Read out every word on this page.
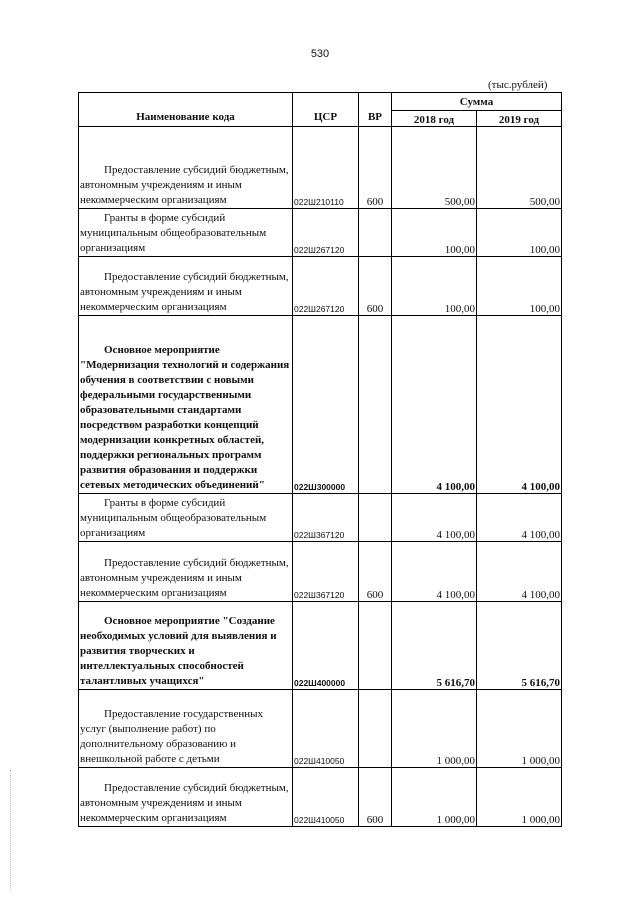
530
(тыс.рублей)
Наименование кода	ЦСР	ВР	Сумма	
			2018 год	2019 год
Предоставление субсидий бюджетным, автономным учреждениям и иным некоммерческим организациям	022Ш210110	600	500,00	500,00
Гранты в форме субсидий муниципальным общеобразовательным организациям	022Ш267120		100,00	100,00
Предоставление субсидий бюджетным, автономным учреждениям и иным некоммерческим организациям	022Ш267120	600	100,00	100,00
Основное мероприятие "Модернизация технологий и содержания обучения в соответствии с новыми федеральными государственными образовательными стандартами посредством разработки концепций модернизации конкретных областей, поддержки региональных программ развития образования и поддержки сетевых методических объединений"	022Ш300000		4 100,00	4 100,00
Гранты в форме субсидий муниципальным общеобразовательным организациям	022Ш367120		4 100,00	4 100,00
Предоставление субсидий бюджетным, автономным учреждениям и иным некоммерческим организациям	022Ш367120	600	4 100,00	4 100,00
Основное мероприятие "Создание необходимых условий для выявления и развития творческих и интеллектуальных способностей талантливых учащихся"	022Ш400000		5 616,70	5 616,70
Предоставление государственных услуг (выполнение работ) по дополнительному образованию и внешкольной работе с детьми	022Ш410050		1 000,00	1 000,00
Предоставление субсидий бюджетным, автономным учреждениям и иным некоммерческим организациям	022Ш410050	600	1 000,00	1 000,00
